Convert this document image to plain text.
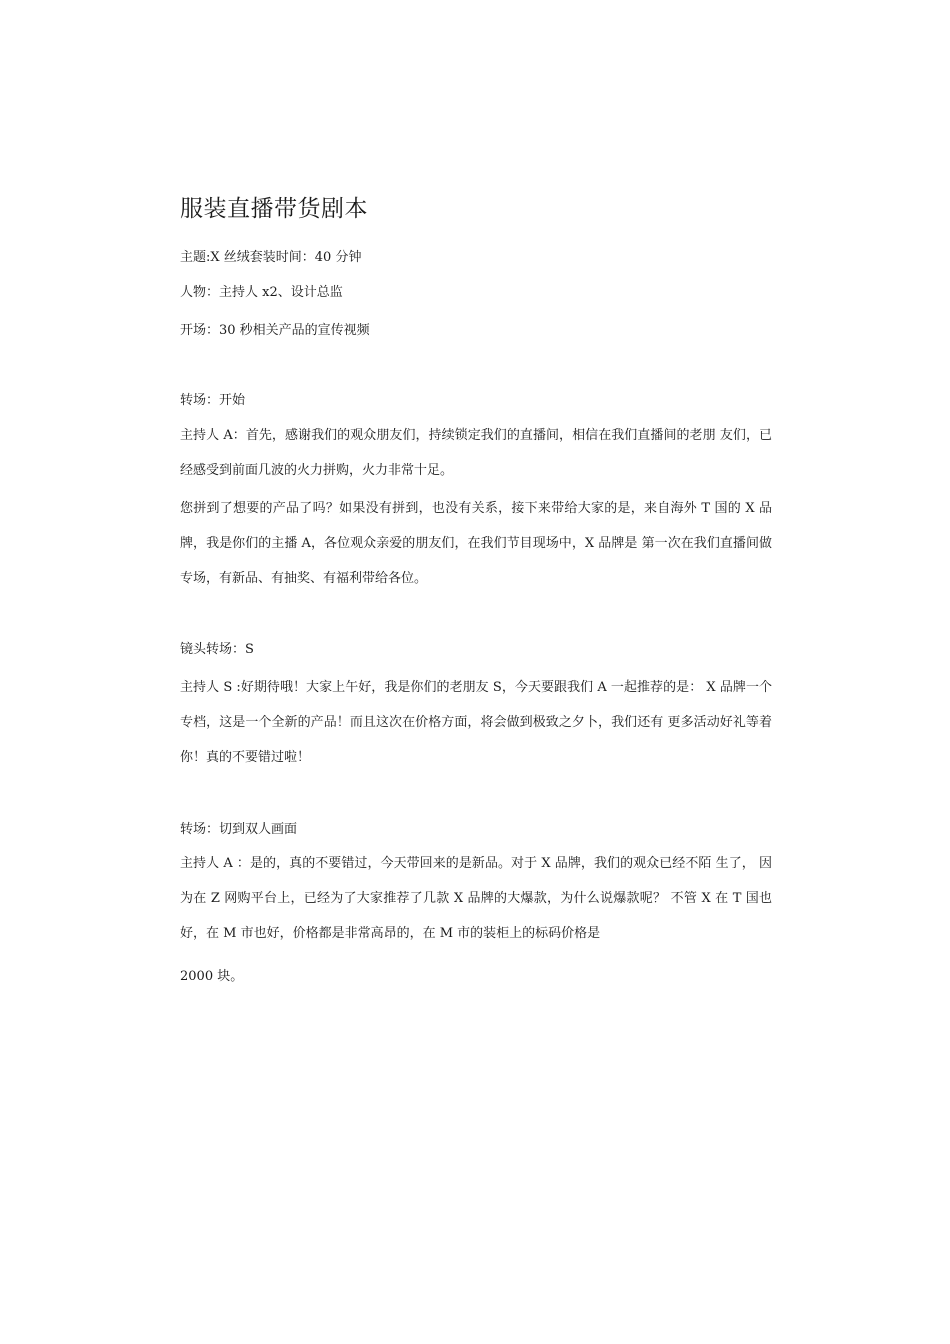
服装直播带货剧本
主题:X 丝绒套装时间：40 分钟
人物：主持人 x2、设计总监
开场：30 秒相关产品的宣传视频
转场：开始
主持人 A：首先，感谢我们的观众朋友们，持续锁定我们的直播间，相信在我们直播间的老朋 友们，已经感受到前面几波的火力拼购，火力非常十足。
您拼到了想要的产品了吗？如果没有拼到，也没有关系，接下来带给大家的是，来自海外 T 国的 X 品牌，我是你们的主播 A，各位观众亲爱的朋友们，在我们节目现场中，X 品牌是 第一次在我们直播间做专场，有新品、有抽奖、有福利带给各位。
镜头转场：S
主持人 S :好期待哦！大家上午好，我是你们的老朋友 S，今天要跟我们 A 一起推荐的是： X 品牌一个专档，这是一个全新的产品！而且这次在价格方面，将会做到极致之夕卜，我们还有 更多活动好礼等着你！真的不要错过啦！
转场：切到双人画面
主持人 A ：是的，真的不要错过，今天带回来的是新品。对于 X 品牌，我们的观众已经不陌 生了， 因为在 Z 网购平台上，已经为了大家推荐了几款 X 品牌的大爆款，为什么说爆款呢？ 不管 X 在 T 国也好，在 M 市也好，价格都是非常高昂的，在 M 市的装柜上的标码价格是
2000 块。
